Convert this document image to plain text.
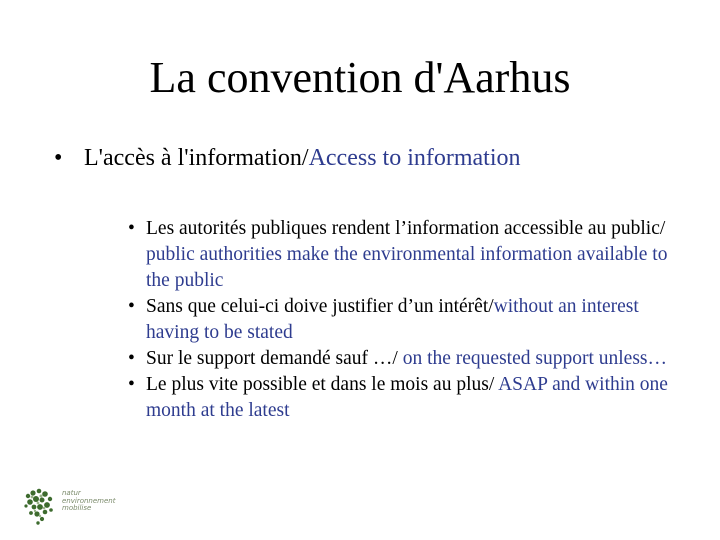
La convention d'Aarhus
• L'accès à l'information/Access to information
• Les autorités publiques rendent l’information accessible au public/ public authorities make the environmental information available to the public
• Sans que celui-ci doive justifier d’un intérêt/without an interest having to be stated
• Sur le support demandé sauf …/ on the requested support unless…
• Le plus vite possible et dans le mois au plus/ ASAP and within one month at the latest
natur
environnement
mobilise
